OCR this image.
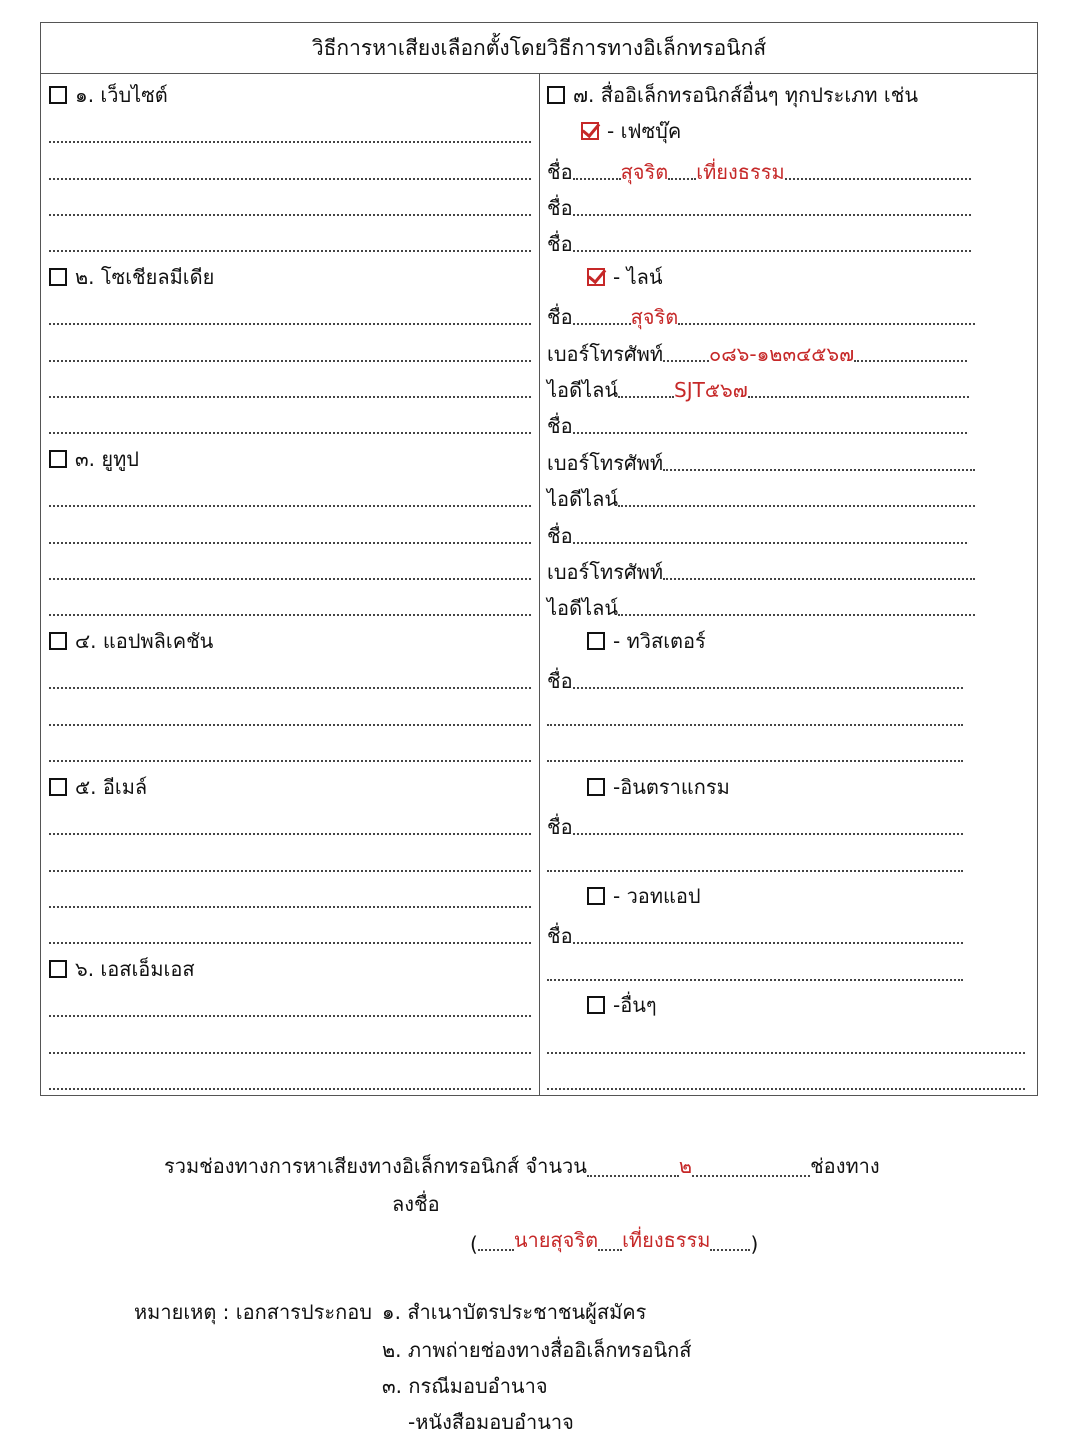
วิธีการหาเสียงเลือกตั้งโดยวิธีการทางอิเล็กทรอนิกส์
๑. เว็บไซต์
๒. โซเชียลมีเดีย
๓. ยูทูป
๔. แอปพลิเคชัน
๕. อีเมล์
๖. เอสเอ็มเอส
๗. สื่ออิเล็กทรอนิกส์อื่นๆ ทุกประเภท เช่น
- เฟซบุ๊ค
ชื่อ สุจริต เที่ยงธรรม
ชื่อ
ชื่อ
- ไลน์
ชื่อ	สุจริต
เบอร์โทรศัพท์ ๐๘๖-๑๒๓๔๕๖๗
ไอดีไลน์	SJT๕๖๗
ชื่อ
เบอร์โทรศัพท์
ไอดีไลน์
ชื่อ
เบอร์โทรศัพท์
ไอดีไลน์
- ทวิสเตอร์
ชื่อ
-อินตราแกรม
ชื่อ
- วอทแอป
ชื่อ
-อื่นๆ
รวมช่องทางการหาเสียงทางอิเล็กทรอนิกส์ จำนวน	๒	ช่องทาง
ลงชื่อ
( นายสุจริต เที่ยงธรรม )
หมายเหตุ : เอกสารประกอบ ๑. สำเนาบัตรประชาชนผู้สมัคร
๒. ภาพถ่ายช่องทางสื่ออิเล็กทรอนิกส์
๓. กรณีมอบอำนาจ
-หนังสือมอบอำนาจ
